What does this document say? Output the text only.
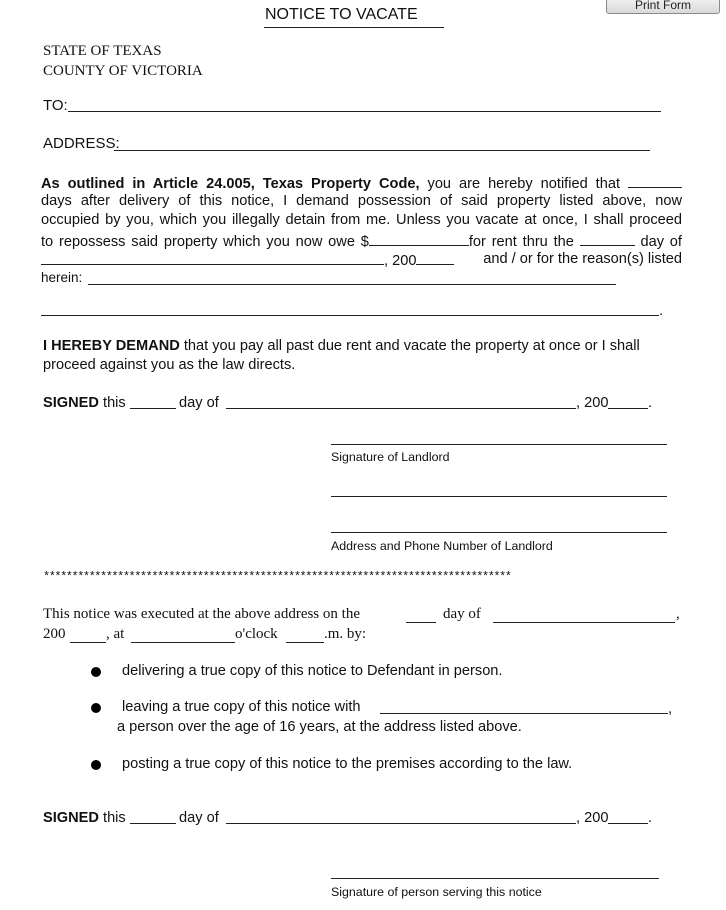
Print Form
NOTICE TO VACATE
STATE OF TEXAS
COUNTY OF VICTORIA
TO:
ADDRESS:
As outlined in Article 24.005, Texas Property Code, you are hereby notified that
days after delivery of this notice, I demand possession of said property listed above, now
occupied by you, which you illegally detain from me. Unless you vacate at once, I shall proceed
to repossess said property which you now owe $	for rent thru the	day of
, 200	and / or for the reason(s) listed
herein:
.
I HEREBY DEMAND that you pay all past due rent and vacate the property at once or I shall
proceed against you as the law directs.
SIGNED this	day of	, 200	.
Signature of Landlord
Address and Phone Number of Landlord
**********************************************************************************
This notice was executed at the above address on the	day of	,
200	, at	o'clock	.m. by:
delivering a true copy of this notice to Defendant in person.
leaving a true copy of this notice with	,
a person over the age of 16 years, at the address listed above.
posting a true copy of this notice to the premises according to the law.
SIGNED this	day of	, 200	.
Signature of person serving this notice
